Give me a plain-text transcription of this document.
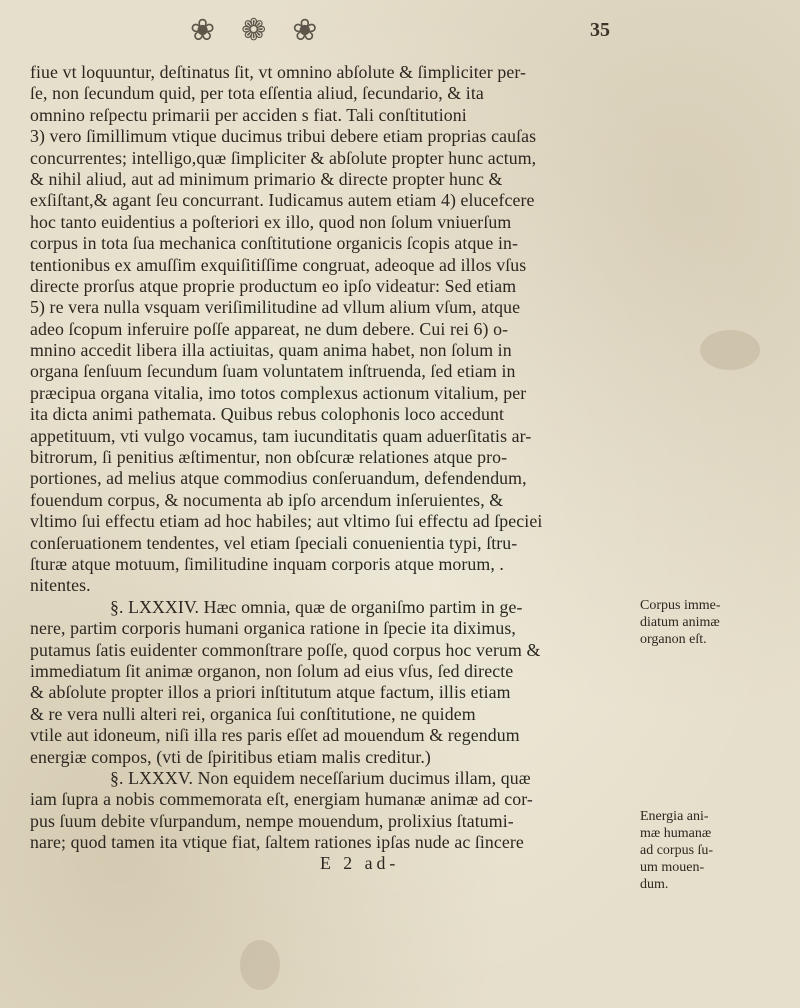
❀ ❁ ❀	35
fiue vt loquuntur, deſtinatus ſit, vt omnino abſolute & ſimpliciter per-
ſe, non ſecundum quid, per tota eſſentia aliud, ſecundario, & ita
omnino reſpectu primarii per acciden s fiat. Tali conſtitutioni
3) vero ſimillimum vtique ducimus tribui debere etiam proprias cauſas
concurrentes; intelligo,quæ ſimpliciter & abſolute propter hunc actum,
& nihil aliud, aut ad minimum primario & directe propter hunc &
exſiſtant,& agant ſeu concurrant. Iudicamus autem etiam 4) elucefcere
hoc tanto euidentius a poſteriori ex illo, quod non ſolum vniuerſum
corpus in tota ſua mechanica conſtitutione organicis ſcopis atque in-
tentionibus ex amuſſim exquiſitiſſime congruat, adeoque ad illos vſus
directe prorſus atque proprie productum eo ipſo videatur: Sed etiam
5) re vera nulla vsquam veriſimilitudine ad vllum alium vſum, atque
adeo ſcopum inferuire poſſe appareat, ne dum debere. Cui rei 6) o-
mnino accedit libera illa actiuitas, quam anima habet, non ſolum in
organa ſenſuum ſecundum ſuam voluntatem inſtruenda, ſed etiam in
præcipua organa vitalia, imo totos complexus actionum vitalium, per
ita dicta animi pathemata. Quibus rebus colophonis loco accedunt
appetituum, vti vulgo vocamus, tam iucunditatis quam aduerſitatis ar-
bitrorum, ſi penitius æſtimentur, non obſcuræ relationes atque pro-
portiones, ad melius atque commodius conſeruandum, defendendum,
fouendum corpus, & nocumenta ab ipſo arcendum inſeruientes, &
vltimo ſui effectu etiam ad hoc habiles; aut vltimo ſui effectu ad ſpeciei
conſeruationem tendentes, vel etiam ſpeciali conuenientia typi, ſtru-
ſturæ atque motuum, ſimilitudine inquam corporis atque morum, .
nitentes.
§. LXXXIV. Hæc omnia, quæ de organiſmo partim in ge-
nere, partim corporis humani organica ratione in ſpecie ita diximus,
putamus ſatis euidenter commonſtrare poſſe, quod corpus hoc verum &
immediatum ſit animæ organon, non ſolum ad eius vſus, ſed directe
& abſolute propter illos a priori inſtitutum atque factum, illis etiam
& re vera nulli alteri rei, organica ſui conſtitutione, ne quidem
vtile aut idoneum, niſi illa res paris eſſet ad mouendum & regendum
energiæ compos, (vti de ſpiritibus etiam malis creditur.)
§. LXXXV. Non equidem neceſſarium ducimus illam, quæ
iam ſupra a nobis commemorata eſt, energiam humanæ animæ ad cor-
pus ſuum debite vſurpandum, nempe mouendum, prolixius ſtatumi-
nare; quod tamen ita vtique fiat, ſaltem rationes ipſas nude ac ſincere
E 2 ad-
Corpus imme-
diatum animæ
organon eſt.
Energia ani-
mæ humanæ
ad corpus ſu-
um mouen-
dum.
